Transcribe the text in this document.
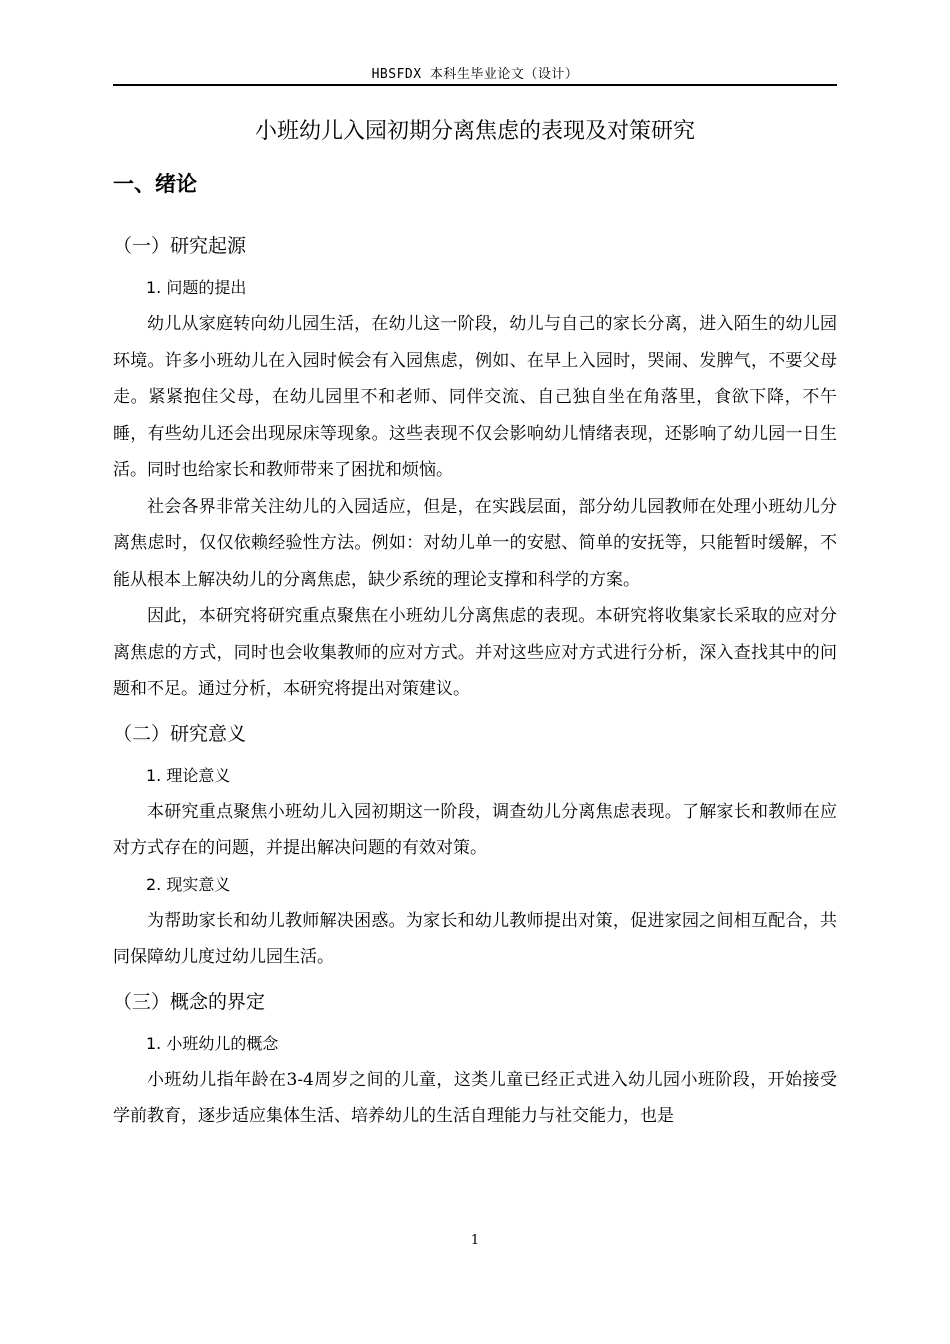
HBSFDX 本科生毕业论文（设计）
小班幼儿入园初期分离焦虑的表现及对策研究
一、绪论
（一）研究起源
1. 问题的提出

幼儿从家庭转向幼儿园生活，在幼儿这一阶段，幼儿与自己的家长分离，进入陌生的幼儿园环境。许多小班幼儿在入园时候会有入园焦虑，例如、在早上入园时，哭闹、发脾气，不要父母走。紧紧抱住父母，在幼儿园里不和老师、同伴交流、自己独自坐在角落里，食欲下降，不午睡，有些幼儿还会出现尿床等现象。这些表现不仅会影响幼儿情绪表现，还影响了幼儿园一日生活。同时也给家长和教师带来了困扰和烦恼。

社会各界非常关注幼儿的入园适应，但是，在实践层面，部分幼儿园教师在处理小班幼儿分离焦虑时，仅仅依赖经验性方法。例如：对幼儿单一的安慰、简单的安抚等，只能暂时缓解，不能从根本上解决幼儿的分离焦虑，缺少系统的理论支撑和科学的方案。

因此，本研究将研究重点聚焦在小班幼儿分离焦虑的表现。本研究将收集家长采取的应对分离焦虑的方式，同时也会收集教师的应对方式。并对这些应对方式进行分析，深入查找其中的问题和不足。通过分析，本研究将提出对策建议。

（二）研究意义
1. 理论意义

本研究重点聚焦小班幼儿入园初期这一阶段，调查幼儿分离焦虑表现。了解家长和教师在应对方式存在的问题，并提出解决问题的有效对策。

2. 现实意义

为帮助家长和幼儿教师解决困惑。为家长和幼儿教师提出对策，促进家园之间相互配合，共同保障幼儿度过幼儿园生活。

（三）概念的界定
1. 小班幼儿的概念

小班幼儿指年龄在3-4周岁之间的儿童，这类儿童已经正式进入幼儿园小班阶段，开始接受学前教育，逐步适应集体生活、培养幼儿的生活自理能力与社交能力，也是

1
